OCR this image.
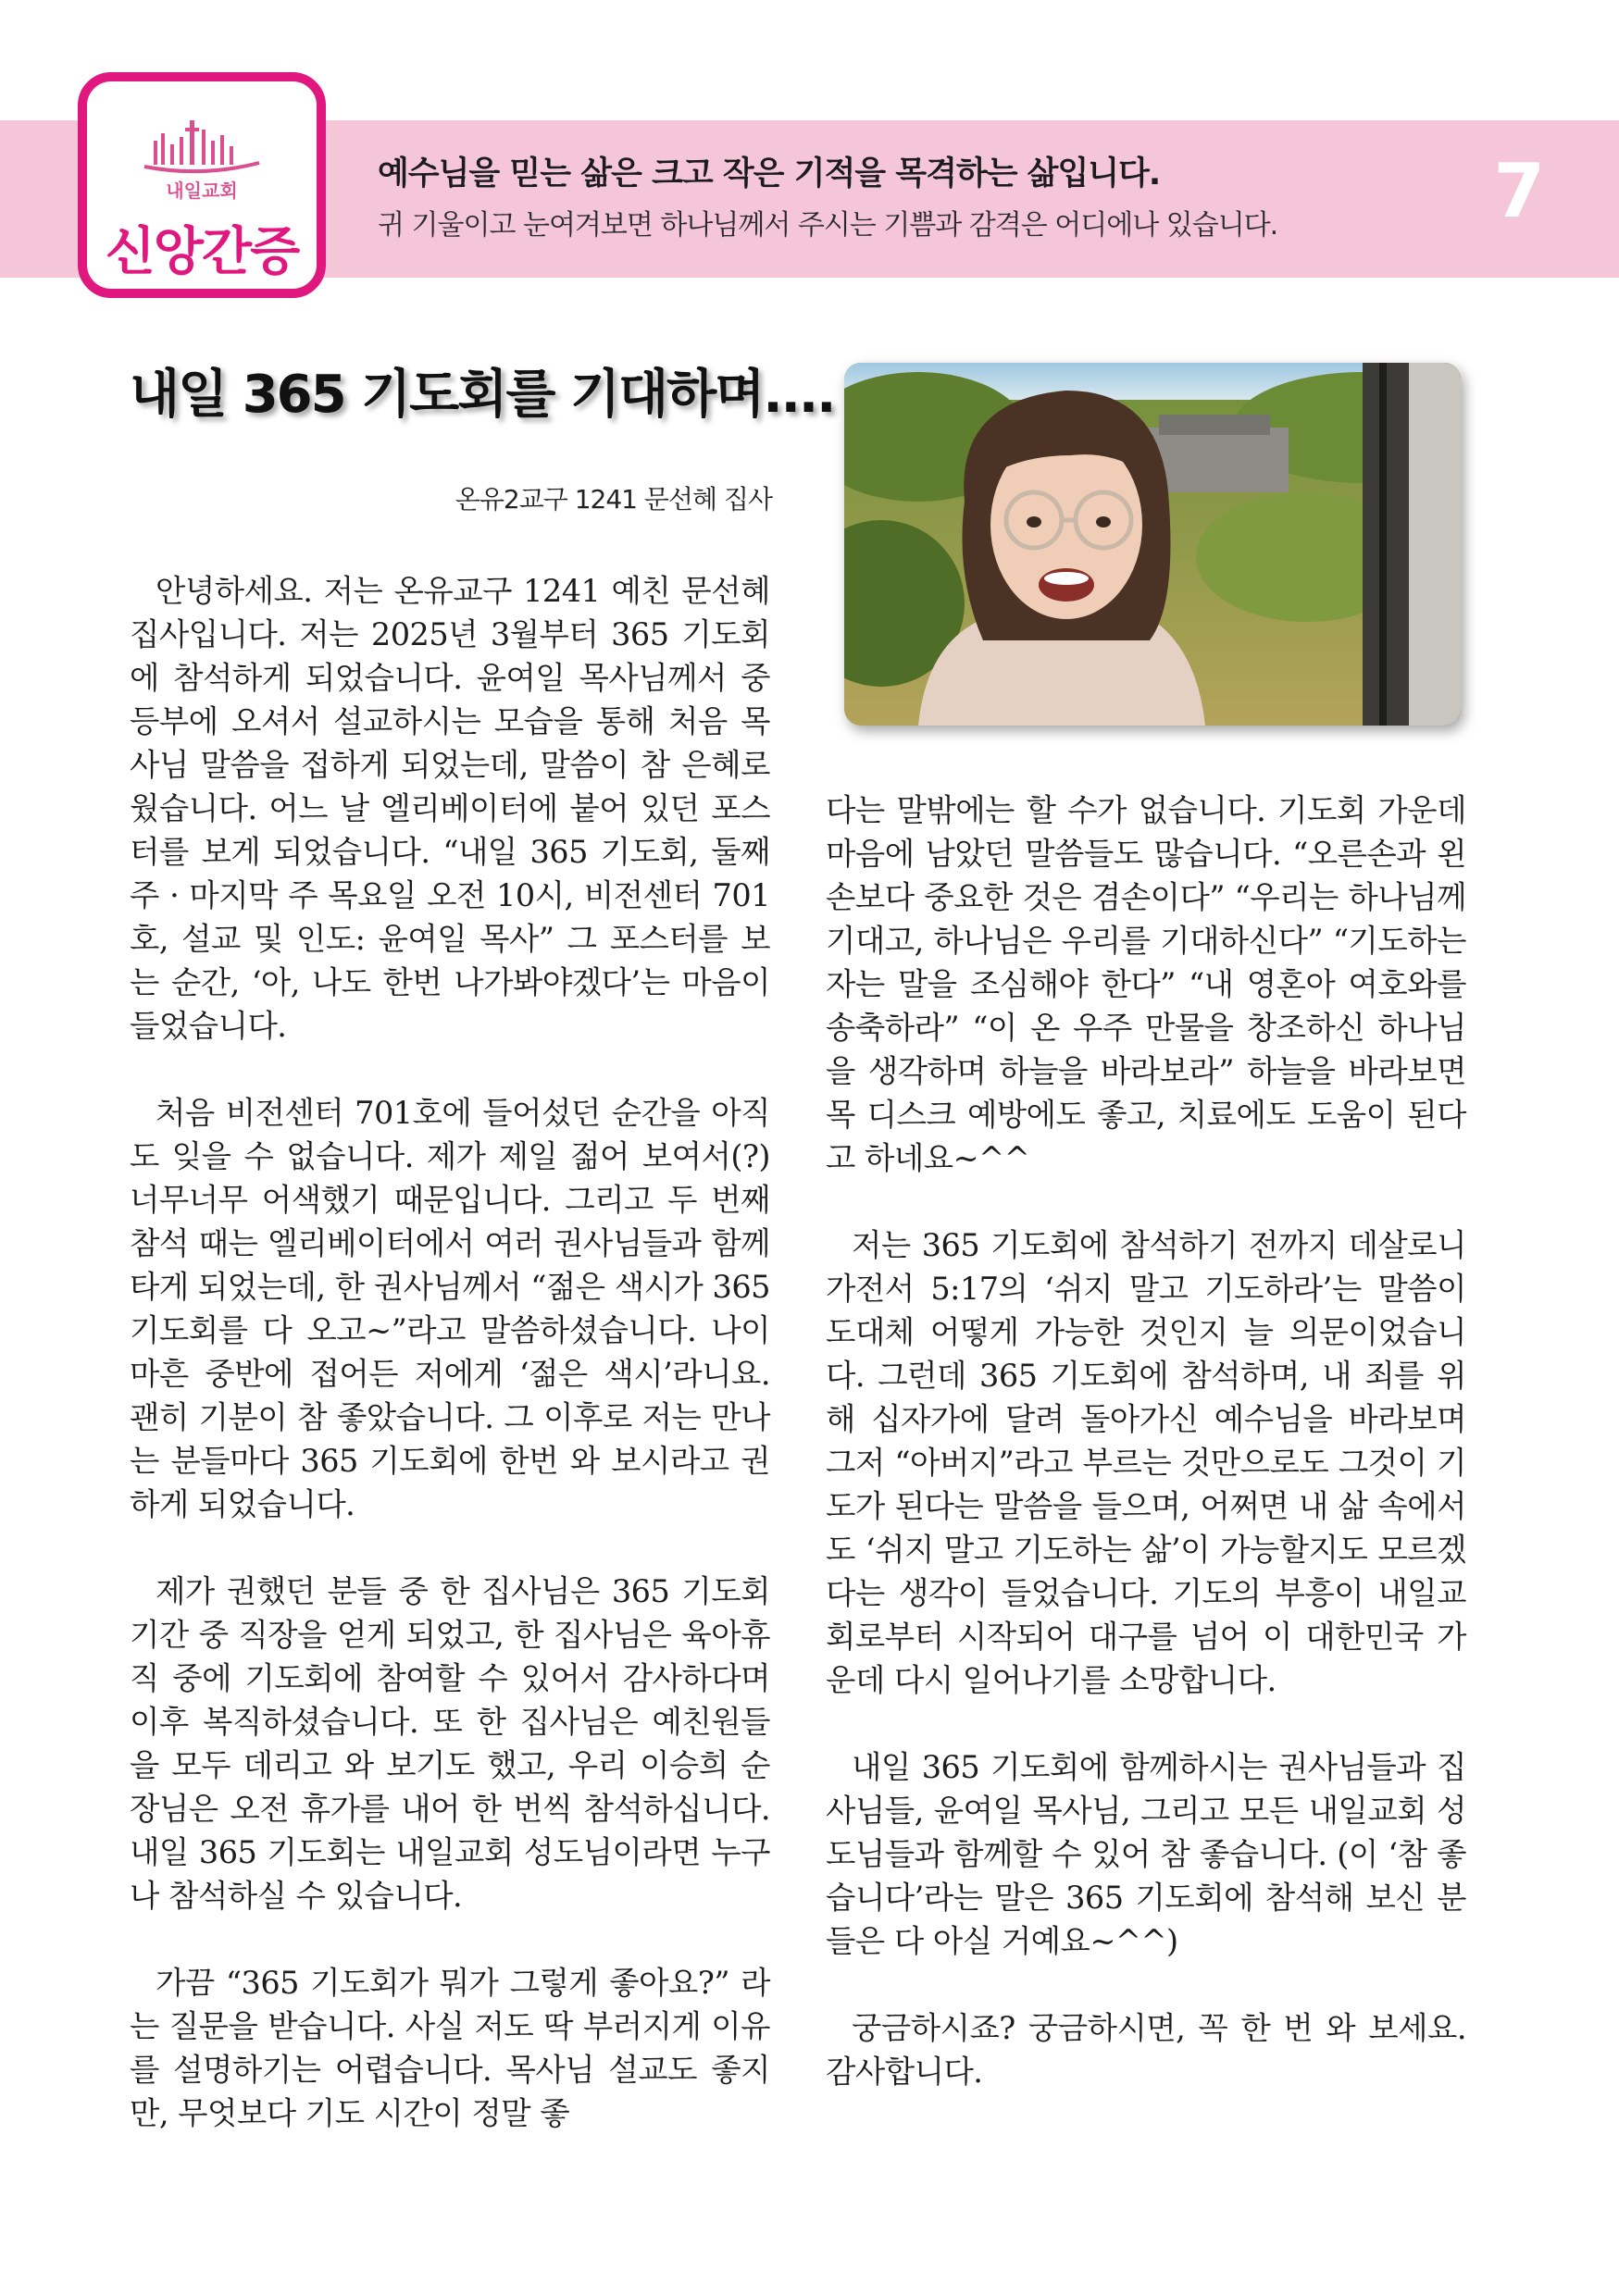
내일교회
신앙간증
예수님을 믿는 삶은 크고 작은 기적을 목격하는 삶입니다.
귀 기울이고 눈여겨보면 하나님께서 주시는 기쁨과 감격은 어디에나 있습니다.	7
내일 365 기도회를 기대하며....
온유2교구 1241 문선혜 집사

안녕하세요. 저는 온유교구 1241 예친 문선혜 집사입니다. 저는 2025년 3월부터 365 기도회에 참석하게 되었습니다. 윤여일 목사님께서 중등부에 오셔서 설교하시는 모습을 통해 처음 목사님 말씀을 접하게 되었는데, 말씀이 참 은혜로웠습니다. 어느 날 엘리베이터에 붙어 있던 포스터를 보게 되었습니다. “내일 365 기도회, 둘째 주 · 마지막 주 목요일 오전 10시, 비전센터 701호, 설교 및 인도: 윤여일 목사” 그 포스터를 보는 순간, ‘아, 나도 한번 나가봐야겠다’는 마음이 들었습니다.

처음 비전센터 701호에 들어섰던 순간을 아직도 잊을 수 없습니다. 제가 제일 젊어 보여서(?) 너무너무 어색했기 때문입니다. 그리고 두 번째 참석 때는 엘리베이터에서 여러 권사님들과 함께 타게 되었는데, 한 권사님께서 “젊은 색시가 365 기도회를 다 오고~”라고 말씀하셨습니다. 나이 마흔 중반에 접어든 저에게 ‘젊은 색시’라니요. 괜히 기분이 참 좋았습니다. 그 이후로 저는 만나는 분들마다 365 기도회에 한번 와 보시라고 권하게 되었습니다.

제가 권했던 분들 중 한 집사님은 365 기도회 기간 중 직장을 얻게 되었고, 한 집사님은 육아휴직 중에 기도회에 참여할 수 있어서 감사하다며 이후 복직하셨습니다. 또 한 집사님은 예친원들을 모두 데리고 와 보기도 했고, 우리 이승희 순장님은 오전 휴가를 내어 한 번씩 참석하십니다. 내일 365 기도회는 내일교회 성도님이라면 누구나 참석하실 수 있습니다.

가끔 “365 기도회가 뭐가 그렇게 좋아요?” 라는 질문을 받습니다. 사실 저도 딱 부러지게 이유를 설명하기는 어렵습니다. 목사님 설교도 좋지만, 무엇보다 기도 시간이 정말 좋

다는 말밖에는 할 수가 없습니다. 기도회 가운데 마음에 남았던 말씀들도 많습니다. “오른손과 왼손보다 중요한 것은 겸손이다” “우리는 하나님께 기대고, 하나님은 우리를 기대하신다” “기도하는 자는 말을 조심해야 한다” “내 영혼아 여호와를 송축하라” “이 온 우주 만물을 창조하신 하나님을 생각하며 하늘을 바라보라” 하늘을 바라보면 목 디스크 예방에도 좋고, 치료에도 도움이 된다고 하네요~^^

저는 365 기도회에 참석하기 전까지 데살로니가전서 5:17의 ‘쉬지 말고 기도하라’는 말씀이 도대체 어떻게 가능한 것인지 늘 의문이었습니다. 그런데 365 기도회에 참석하며, 내 죄를 위해 십자가에 달려 돌아가신 예수님을 바라보며 그저 “아버지”라고 부르는 것만으로도 그것이 기도가 된다는 말씀을 들으며, 어쩌면 내 삶 속에서도 ‘쉬지 말고 기도하는 삶’이 가능할지도 모르겠다는 생각이 들었습니다. 기도의 부흥이 내일교회로부터 시작되어 대구를 넘어 이 대한민국 가운데 다시 일어나기를 소망합니다.

내일 365 기도회에 함께하시는 권사님들과 집사님들, 윤여일 목사님, 그리고 모든 내일교회 성도님들과 함께할 수 있어 참 좋습니다. (이 ‘참 좋습니다’라는 말은 365 기도회에 참석해 보신 분들은 다 아실 거예요~^^)

궁금하시죠? 궁금하시면, 꼭 한 번 와 보세요. 감사합니다.
